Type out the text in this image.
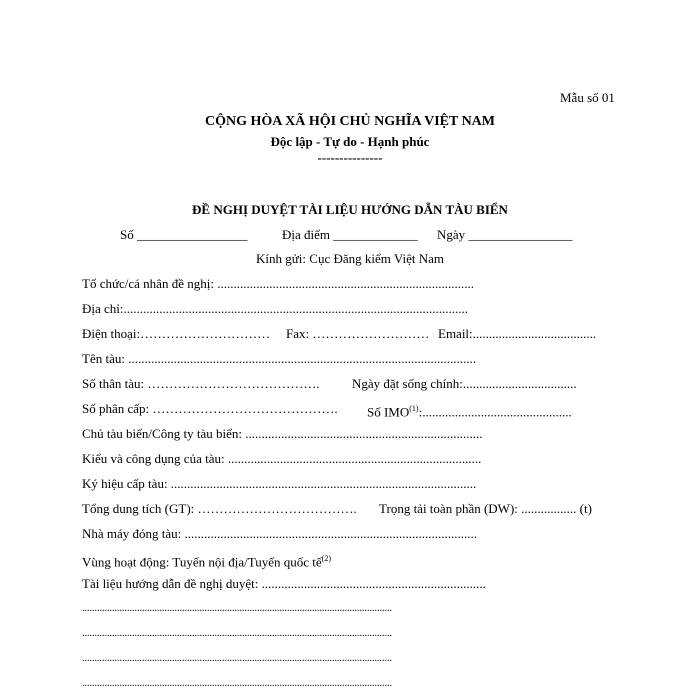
Mẫu số 01
CỘNG HÒA XÃ HỘI CHỦ NGHĨA VIỆT NAM
Độc lập - Tự do - Hạnh phúc
---------------
ĐỀ NGHỊ DUYỆT TÀI LIỆU HƯỚNG DẪN TÀU BIỂN
Số _________________	Địa điểm _____________ Ngày ________________
Kính gửi: Cục Đăng kiểm Việt Nam
Tổ chức/cá nhân đề nghị: ...............................................................................
Địa chỉ:..........................................................................................................
Điện thoại:………………………… Fax: ……………………… Email:......................................
Tên tàu: ...........................................................................................................
Số thân tàu: …………………………………. Ngày đặt sống chính:...................................
Số phân cấp: ……………………………………. Số IMO$^{(1)}$:..............................................
Chủ tàu biển/Công ty tàu biển: .........................................................................
Kiểu và công dụng của tàu: ..............................................................................
Ký hiệu cấp tàu: ..............................................................................................
Tổng dung tích (GT): ………………………………. Trọng tải toàn phần (DW): ................. (t)
Nhà máy đóng tàu: ..........................................................................................
Vùng hoạt động: Tuyến nội địa/Tuyến quốc tế$^{(2)}$
Tài liệu hướng dẫn đề nghị duyệt: .....................................................................
............................................................................................................................
............................................................................................................................
............................................................................................................................
............................................................................................................................
